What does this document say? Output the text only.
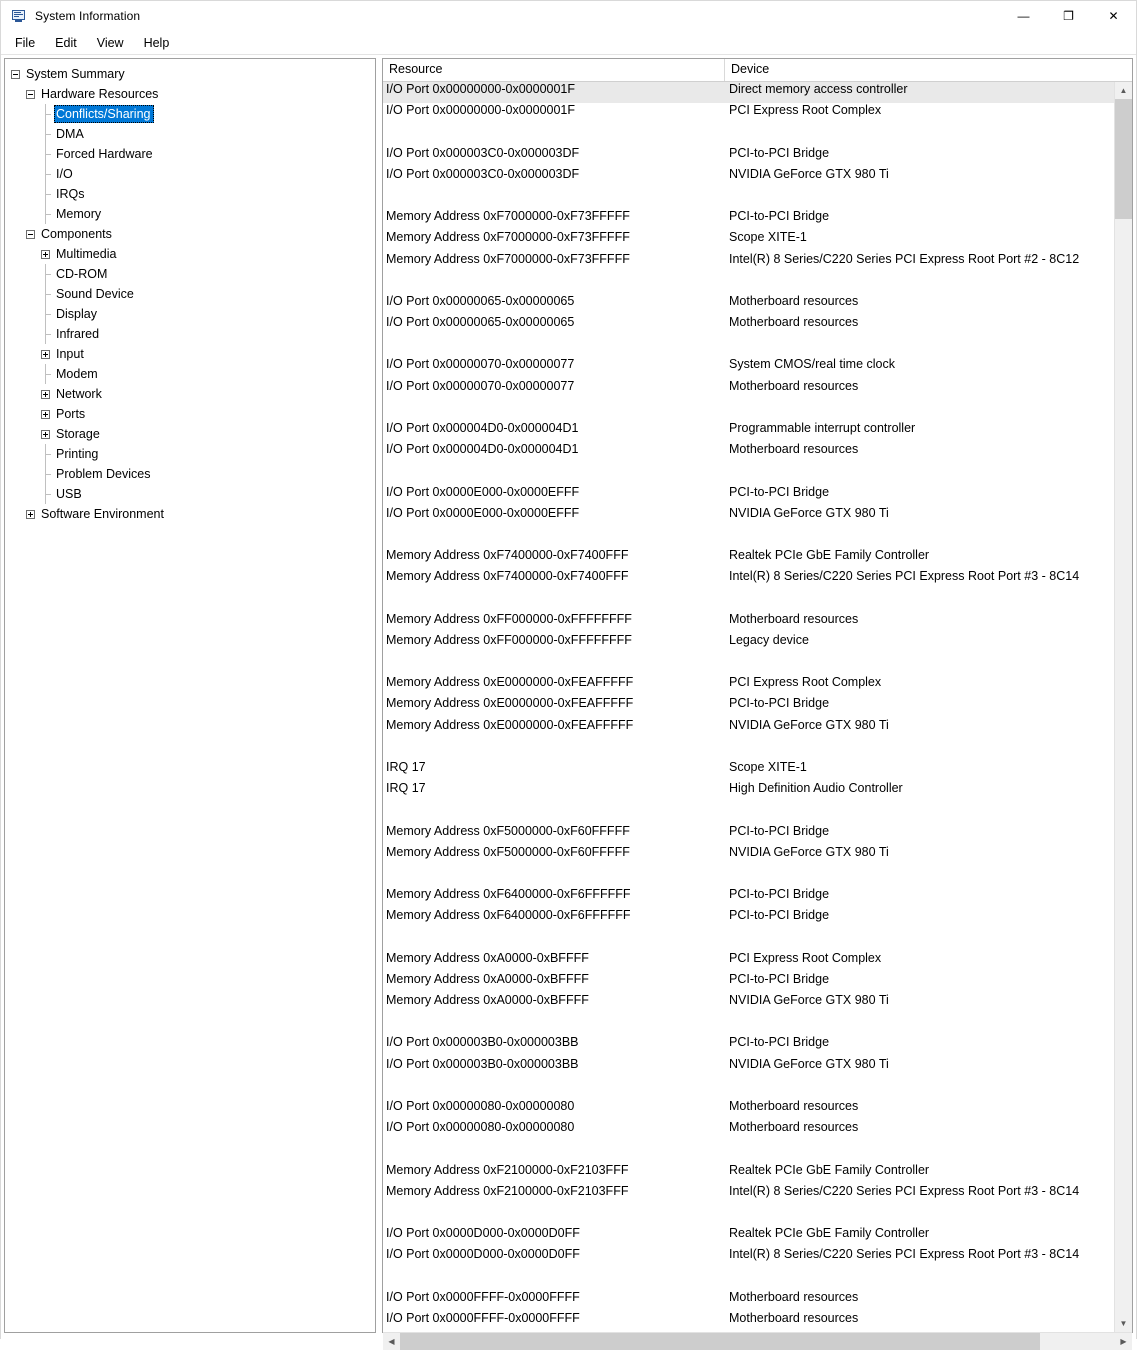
System Information	—	❐	✕
File	Edit	View	Help
System Summary
Hardware Resources
Conflicts/Sharing
DMA
Forced Hardware
I/O
IRQs
Memory
Components
Multimedia
CD-ROM
Sound Device
Display
Infrared
Input
Modem
Network
Ports
Storage
Printing
Problem Devices
USB
Software Environment
Resource	Device
I/O Port 0x00000000-0x0000001F	Direct memory access controller
I/O Port 0x00000000-0x0000001F	PCI Express Root Complex
I/O Port 0x000003C0-0x000003DF	PCI-to-PCI Bridge
I/O Port 0x000003C0-0x000003DF	NVIDIA GeForce GTX 980 Ti
Memory Address 0xF7000000-0xF73FFFFF	PCI-to-PCI Bridge
Memory Address 0xF7000000-0xF73FFFFF	Scope XITE-1
Memory Address 0xF7000000-0xF73FFFFF	Intel(R) 8 Series/C220 Series PCI Express Root Port #2 - 8C12
I/O Port 0x00000065-0x00000065	Motherboard resources
I/O Port 0x00000065-0x00000065	Motherboard resources
I/O Port 0x00000070-0x00000077	System CMOS/real time clock
I/O Port 0x00000070-0x00000077	Motherboard resources
I/O Port 0x000004D0-0x000004D1	Programmable interrupt controller
I/O Port 0x000004D0-0x000004D1	Motherboard resources
I/O Port 0x0000E000-0x0000EFFF	PCI-to-PCI Bridge
I/O Port 0x0000E000-0x0000EFFF	NVIDIA GeForce GTX 980 Ti
Memory Address 0xF7400000-0xF7400FFF	Realtek PCIe GbE Family Controller
Memory Address 0xF7400000-0xF7400FFF	Intel(R) 8 Series/C220 Series PCI Express Root Port #3 - 8C14
Memory Address 0xFF000000-0xFFFFFFFF	Motherboard resources
Memory Address 0xFF000000-0xFFFFFFFF	Legacy device
Memory Address 0xE0000000-0xFEAFFFFF	PCI Express Root Complex
Memory Address 0xE0000000-0xFEAFFFFF	PCI-to-PCI Bridge
Memory Address 0xE0000000-0xFEAFFFFF	NVIDIA GeForce GTX 980 Ti
IRQ 17	Scope XITE-1
IRQ 17	High Definition Audio Controller
Memory Address 0xF5000000-0xF60FFFFF	PCI-to-PCI Bridge
Memory Address 0xF5000000-0xF60FFFFF	NVIDIA GeForce GTX 980 Ti
Memory Address 0xF6400000-0xF6FFFFFF	PCI-to-PCI Bridge
Memory Address 0xF6400000-0xF6FFFFFF	PCI-to-PCI Bridge
Memory Address 0xA0000-0xBFFFF	PCI Express Root Complex
Memory Address 0xA0000-0xBFFFF	PCI-to-PCI Bridge
Memory Address 0xA0000-0xBFFFF	NVIDIA GeForce GTX 980 Ti
I/O Port 0x000003B0-0x000003BB	PCI-to-PCI Bridge
I/O Port 0x000003B0-0x000003BB	NVIDIA GeForce GTX 980 Ti
I/O Port 0x00000080-0x00000080	Motherboard resources
I/O Port 0x00000080-0x00000080	Motherboard resources
Memory Address 0xF2100000-0xF2103FFF	Realtek PCIe GbE Family Controller
Memory Address 0xF2100000-0xF2103FFF	Intel(R) 8 Series/C220 Series PCI Express Root Port #3 - 8C14
I/O Port 0x0000D000-0x0000D0FF	Realtek PCIe GbE Family Controller
I/O Port 0x0000D000-0x0000D0FF	Intel(R) 8 Series/C220 Series PCI Express Root Port #3 - 8C14
I/O Port 0x0000FFFF-0x0000FFFF	Motherboard resources
I/O Port 0x0000FFFF-0x0000FFFF	Motherboard resources
▲
▼
◀	▶
